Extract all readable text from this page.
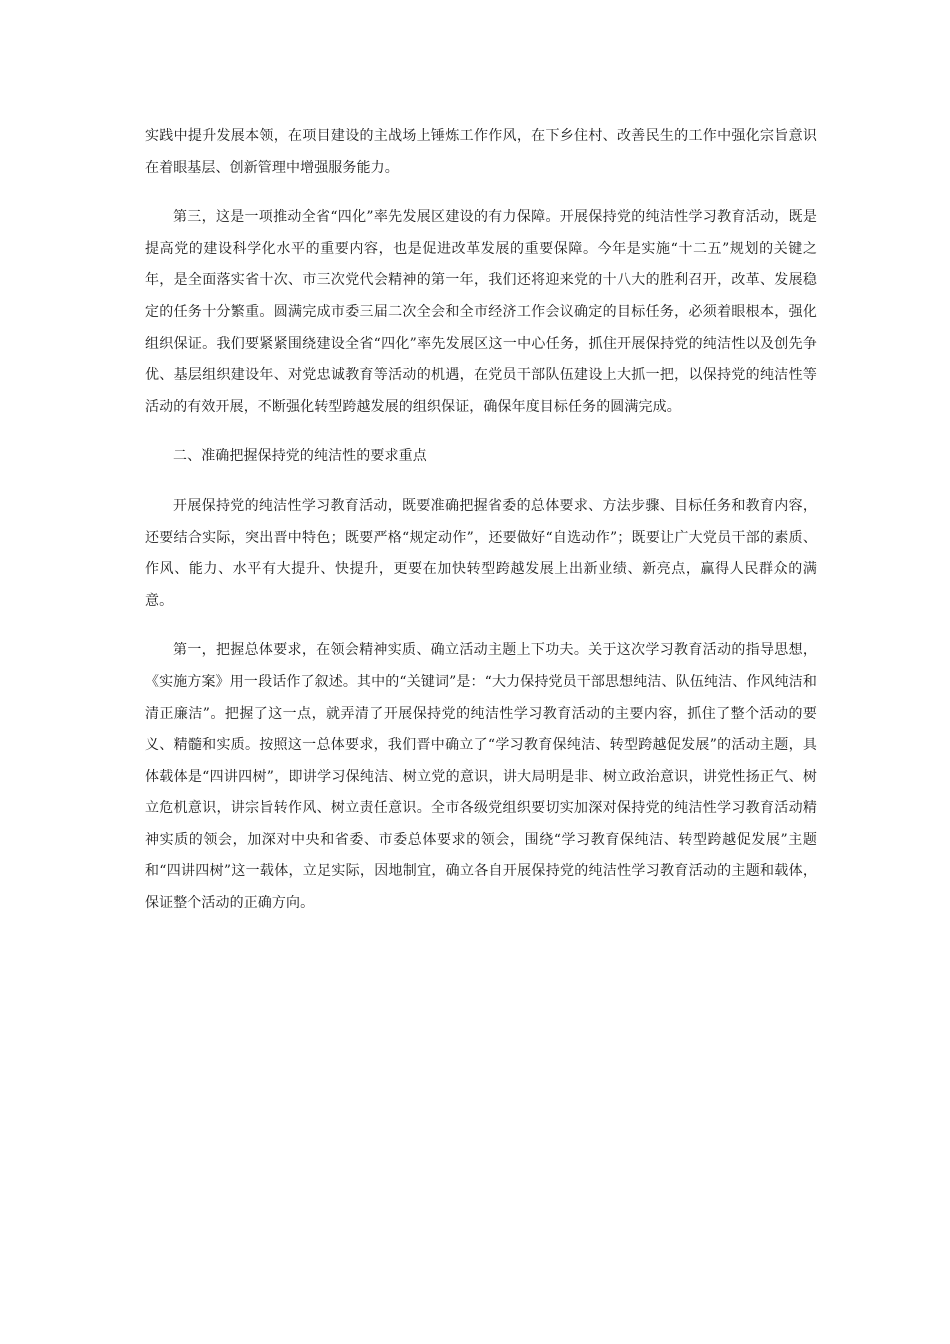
实践中提升发展本领，在项目建设的主战场上锤炼工作作风，在下乡住村、改善民生的工作中强化宗旨意识在着眼基层、创新管理中增强服务能力。

第三，这是一项推动全省“四化”率先发展区建设的有力保障。开展保持党的纯洁性学习教育活动，既是提高党的建设科学化水平的重要内容，也是促进改革发展的重要保障。今年是实施“十二五”规划的关键之年，是全面落实省十次、市三次党代会精神的第一年，我们还将迎来党的十八大的胜利召开，改革、发展稳定的任务十分繁重。圆满完成市委三届二次全会和全市经济工作会议确定的目标任务，必须着眼根本，强化组织保证。我们要紧紧围绕建设全省“四化”率先发展区这一中心任务，抓住开展保持党的纯洁性以及创先争优、基层组织建设年、对党忠诚教育等活动的机遇，在党员干部队伍建设上大抓一把，以保持党的纯洁性等活动的有效开展，不断强化转型跨越发展的组织保证，确保年度目标任务的圆满完成。

二、准确把握保持党的纯洁性的要求重点

开展保持党的纯洁性学习教育活动，既要准确把握省委的总体要求、方法步骤、目标任务和教育内容，还要结合实际，突出晋中特色；既要严格“规定动作”，还要做好“自选动作”；既要让广大党员干部的素质、作风、能力、水平有大提升、快提升，更要在加快转型跨越发展上出新业绩、新亮点，赢得人民群众的满意。

第一，把握总体要求，在领会精神实质、确立活动主题上下功夫。关于这次学习教育活动的指导思想，《实施方案》用一段话作了叙述。其中的“关键词”是：“大力保持党员干部思想纯洁、队伍纯洁、作风纯洁和清正廉洁”。把握了这一点，就弄清了开展保持党的纯洁性学习教育活动的主要内容，抓住了整个活动的要义、精髓和实质。按照这一总体要求，我们晋中确立了“学习教育保纯洁、转型跨越促发展”的活动主题，具体载体是“四讲四树”，即讲学习保纯洁、树立党的意识，讲大局明是非、树立政治意识，讲党性扬正气、树立危机意识，讲宗旨转作风、树立责任意识。全市各级党组织要切实加深对保持党的纯洁性学习教育活动精神实质的领会，加深对中央和省委、市委总体要求的领会，围绕“学习教育保纯洁、转型跨越促发展”主题和“四讲四树”这一载体，立足实际，因地制宜，确立各自开展保持党的纯洁性学习教育活动的主题和载体，保证整个活动的正确方向。
